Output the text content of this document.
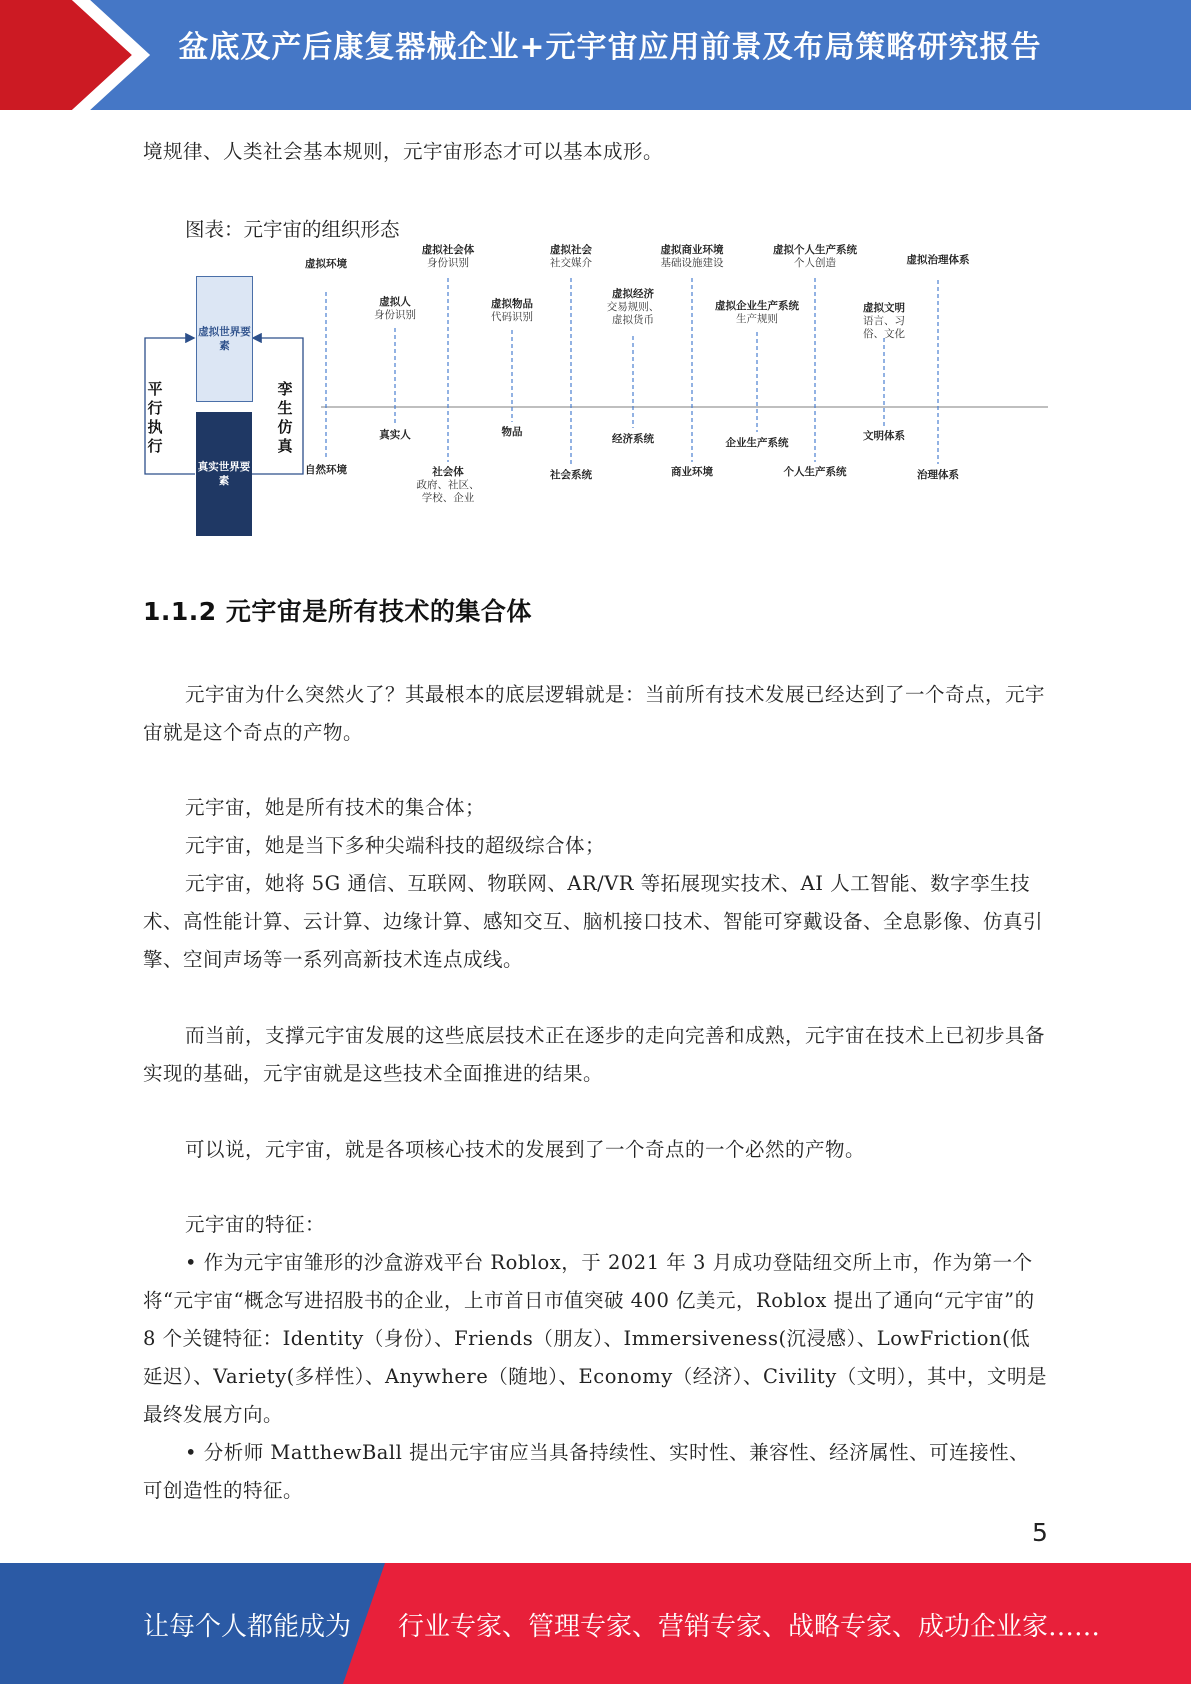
盆底及产后康复器械企业+元宇宙应用前景及布局策略研究报告
境规律、人类社会基本规则，元宇宙形态才可以基本成形。
图表：元宇宙的组织形态
虚拟世界要素
真实世界要素
平行执行
孪生仿真
虚拟环境
虚拟人
身份识别
虚拟社会体
身份识别
虚拟物品
代码识别
虚拟社会
社交媒介
虚拟经济
交易规则、虚拟货币
虚拟商业环境
基础设施建设
虚拟企业生产系统
生产规则
虚拟个人生产系统
个人创造
虚拟文明
语言、习俗、文化
虚拟治理体系
自然环境
真实人
社会体
政府、社区、学校、企业
物品
社会系统
经济系统
商业环境
企业生产系统
个人生产系统
文明体系
治理体系
1.1.2 元宇宙是所有技术的集合体
元宇宙为什么突然火了？其最根本的底层逻辑就是：当前所有技术发展已经达到了一个奇点，元宇宙就是这个奇点的产物。
元宇宙，她是所有技术的集合体；
元宇宙，她是当下多种尖端科技的超级综合体；
元宇宙，她将 5G 通信、互联网、物联网、AR/VR 等拓展现实技术、AI 人工智能、数字孪生技术、高性能计算、云计算、边缘计算、感知交互、脑机接口技术、智能可穿戴设备、全息影像、仿真引擎、空间声场等一系列高新技术连点成线。
而当前，支撑元宇宙发展的这些底层技术正在逐步的走向完善和成熟，元宇宙在技术上已初步具备实现的基础，元宇宙就是这些技术全面推进的结果。
可以说，元宇宙，就是各项核心技术的发展到了一个奇点的一个必然的产物。
元宇宙的特征：
• 作为元宇宙雏形的沙盒游戏平台 Roblox，于 2021 年 3 月成功登陆纽交所上市，作为第一个将“元宇宙“概念写进招股书的企业，上市首日市值突破 400 亿美元，Roblox 提出了通向“元宇宙”的 8 个关键特征：Identity（身份）、Friends（朋友）、Immersiveness(沉浸感）、LowFriction(低延迟）、Variety(多样性）、Anywhere（随地）、Economy（经济）、Civility（文明），其中，文明是最终发展方向。
• 分析师 MatthewBall 提出元宇宙应当具备持续性、实时性、兼容性、经济属性、可连接性、可创造性的特征。
5
让每个人都能成为 行业专家、管理专家、营销专家、战略专家、成功企业家……
